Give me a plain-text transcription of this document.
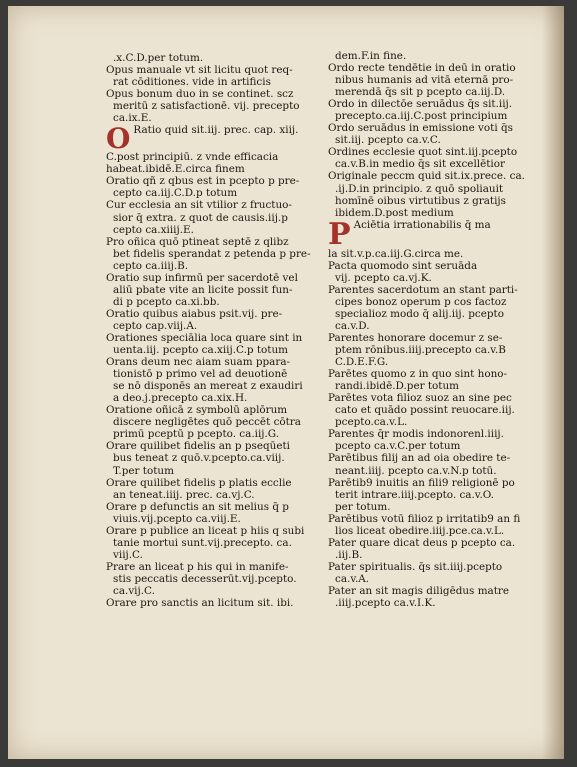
.x.C.D.per totum.
Opus manuale vt sit licitu quot req-
rat cōditiones. vide in artificis
Opus bonum duo in se continet. scz
meritū z satisfactionē. vij. precepto
ca.ix.E.
O Ratio quid sit.iij. prec. cap. xiij.
C.post principiū. z vnde efficacia
habeat.ibidē.E.circa finem
Oratio qñ z qbus est in pcepto p pre-
cepto ca.iij.C.D.p totum
Cur ecclesia an sit vtilior z fructuo-
sior q̄ extra. z quot de causis.iij.p
cepto ca.xiiij.E.
Pro oñica quō ptineat septē z qlibz
bet fidelis sperandat z petenda p pre-
cepto ca.iiij.B.
Oratio sup infirmū per sacerdotē vel
aliū pbate vite an licite possit fun-
di p pcepto ca.xi.bb.
Oratio quibus aiabus psit.vij. pre-
cepto cap.viij.A.
Orationes speciālia loca quare sint in
uenta.iij. pcepto ca.xiij.C.p totum
Orans deum nec aiam suam ppara-
tionistō p primo vel ad deuotionē
se nō disponēs an mereat z exaudiri
a deo.j.precepto ca.xix.H.
Oratione oñicā z symbolū aplōrum
discere negligētes quō peccēt cōtra
primū pceptū p pcepto. ca.iij.G.
Orare quilibet fidelis an p pseqūeti
bus teneat z quō.v.pcepto.ca.viij.
T.per totum
Orare quilibet fidelis p platis ecclie
an teneat.iiij. prec. ca.vj.C.
Orare p defunctis an sit melius q̄ p
viuis.vij.pcepto ca.viij.E.
Orare p publice an liceat p hiis q subi
tanie mortui sunt.vij.precepto. ca.
viij.C.
Prare an liceat p his qui in manife-
stis peccatis decesserūt.vij.pcepto.
ca.vij.C.
Orare pro sanctis an licitum sit. ibi.
dem.F.in fine.
Ordo recte tendētie in deū in oratio
nibus humanis ad vitā eternā pro-
merendā q̄s sit p pcepto ca.iij.D.
Ordo in dilectōe seruādus q̄s sit.iij.
precepto.ca.iij.C.post principium
Ordo seruādus in emissione voti q̄s
sit.iij. pcepto ca.v.C.
Ordines ecclesie quot sint.iij.pcepto
ca.v.B.in medio q̄s sit excellētior
Originale peccm quid sit.ix.prece. ca.
.ij.D.in principio. z quō spoliauit
homīnē oibus virtutibus z gratijs
ibidem.D.post medium
P Aciētia irrationabilis q̄ ma
la sit.v.p.ca.iij.G.circa me.
Pacta quomodo sint seruāda
vij. pcepto ca.vj.K.
Parentes sacerdotum an stant parti-
cipes bonoz operum p cos factoz
specialioz modo q̄ alij.iij. pcepto
ca.v.D.
Parentes honorare docemur z se-
ptem rōnibus.iiij.precepto ca.v.B
C.D.E.F.G.
Parētes quomo z in quo sint hono-
randi.ibidē.D.per totum
Parētes vota filioz suoz an sine pec
cato et quādo possint reuocare.iij.
pcepto.ca.v.L.
Parentes q̄r modis indonorenl.iiij.
pcepto ca.v.C.per totum
Parētibus filij an ad oia obedire te-
neant.iiij. pcepto ca.v.N.p totū.
Parētib9 inuitis an fili9 religionē po
terit intrare.iiij.pcepto. ca.v.O.
per totum.
Parētibus votū filioz p irritatib9 an fi
lios liceat obedire.iiij.pce.ca.v.L.
Pater quare dicat deus p pcepto ca.
.iij.B.
Pater spiritualis. q̄s sit.iiij.pcepto
ca.v.A.
Pater an sit magis diligēdus matre
.iiij.pcepto ca.v.I.K.
